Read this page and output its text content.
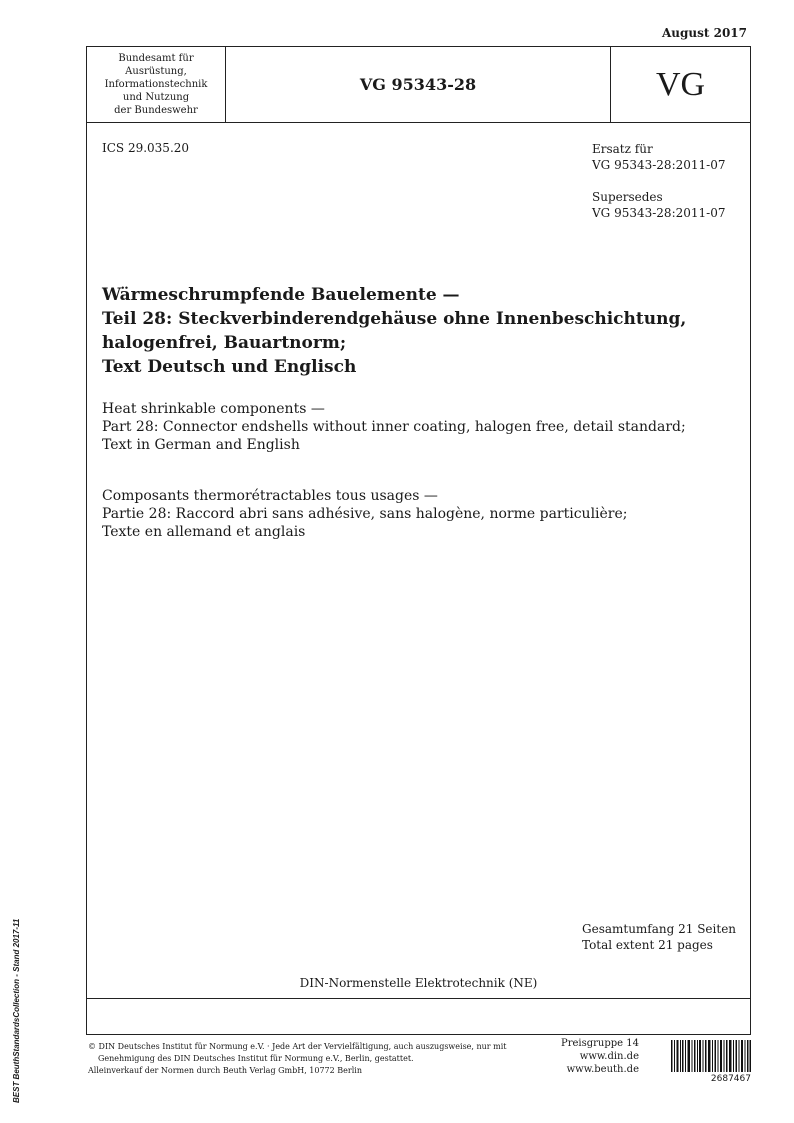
August 2017
Bundesamt für
Ausrüstung,
Informationstechnik
und Nutzung
der Bundeswehr
VG 95343-28	VG
ICS 29.035.20	Ersatz für
VG 95343-28:2011-07
Supersedes
VG 95343-28:2011-07
Wärmeschrumpfende Bauelemente —
Teil 28: Steckverbinderendgehäuse ohne Innenbeschichtung,
halogenfrei, Bauartnorm;
Text Deutsch und Englisch
Heat shrinkable components —
Part 28: Connector endshells without inner coating, halogen free, detail standard;
Text in German and English
Composants thermorétractables tous usages —
Partie 28: Raccord abri sans adhésive, sans halogène, norme particulière;
Texte en allemand et anglais
Gesamtumfang 21 Seiten
Total extent 21 pages
DIN-Normenstelle Elektrotechnik (NE)
© DIN Deutsches Institut für Normung e.V. · Jede Art der Vervielfältigung, auch auszugsweise, nur mit
Genehmigung des DIN Deutsches Institut für Normung e.V., Berlin, gestattet.
Alleinverkauf der Normen durch Beuth Verlag GmbH, 10772 Berlin
Preisgruppe 14
www.din.de
www.beuth.de
2687467
BEST BeuthStandardsCollection - Stand 2017-11
